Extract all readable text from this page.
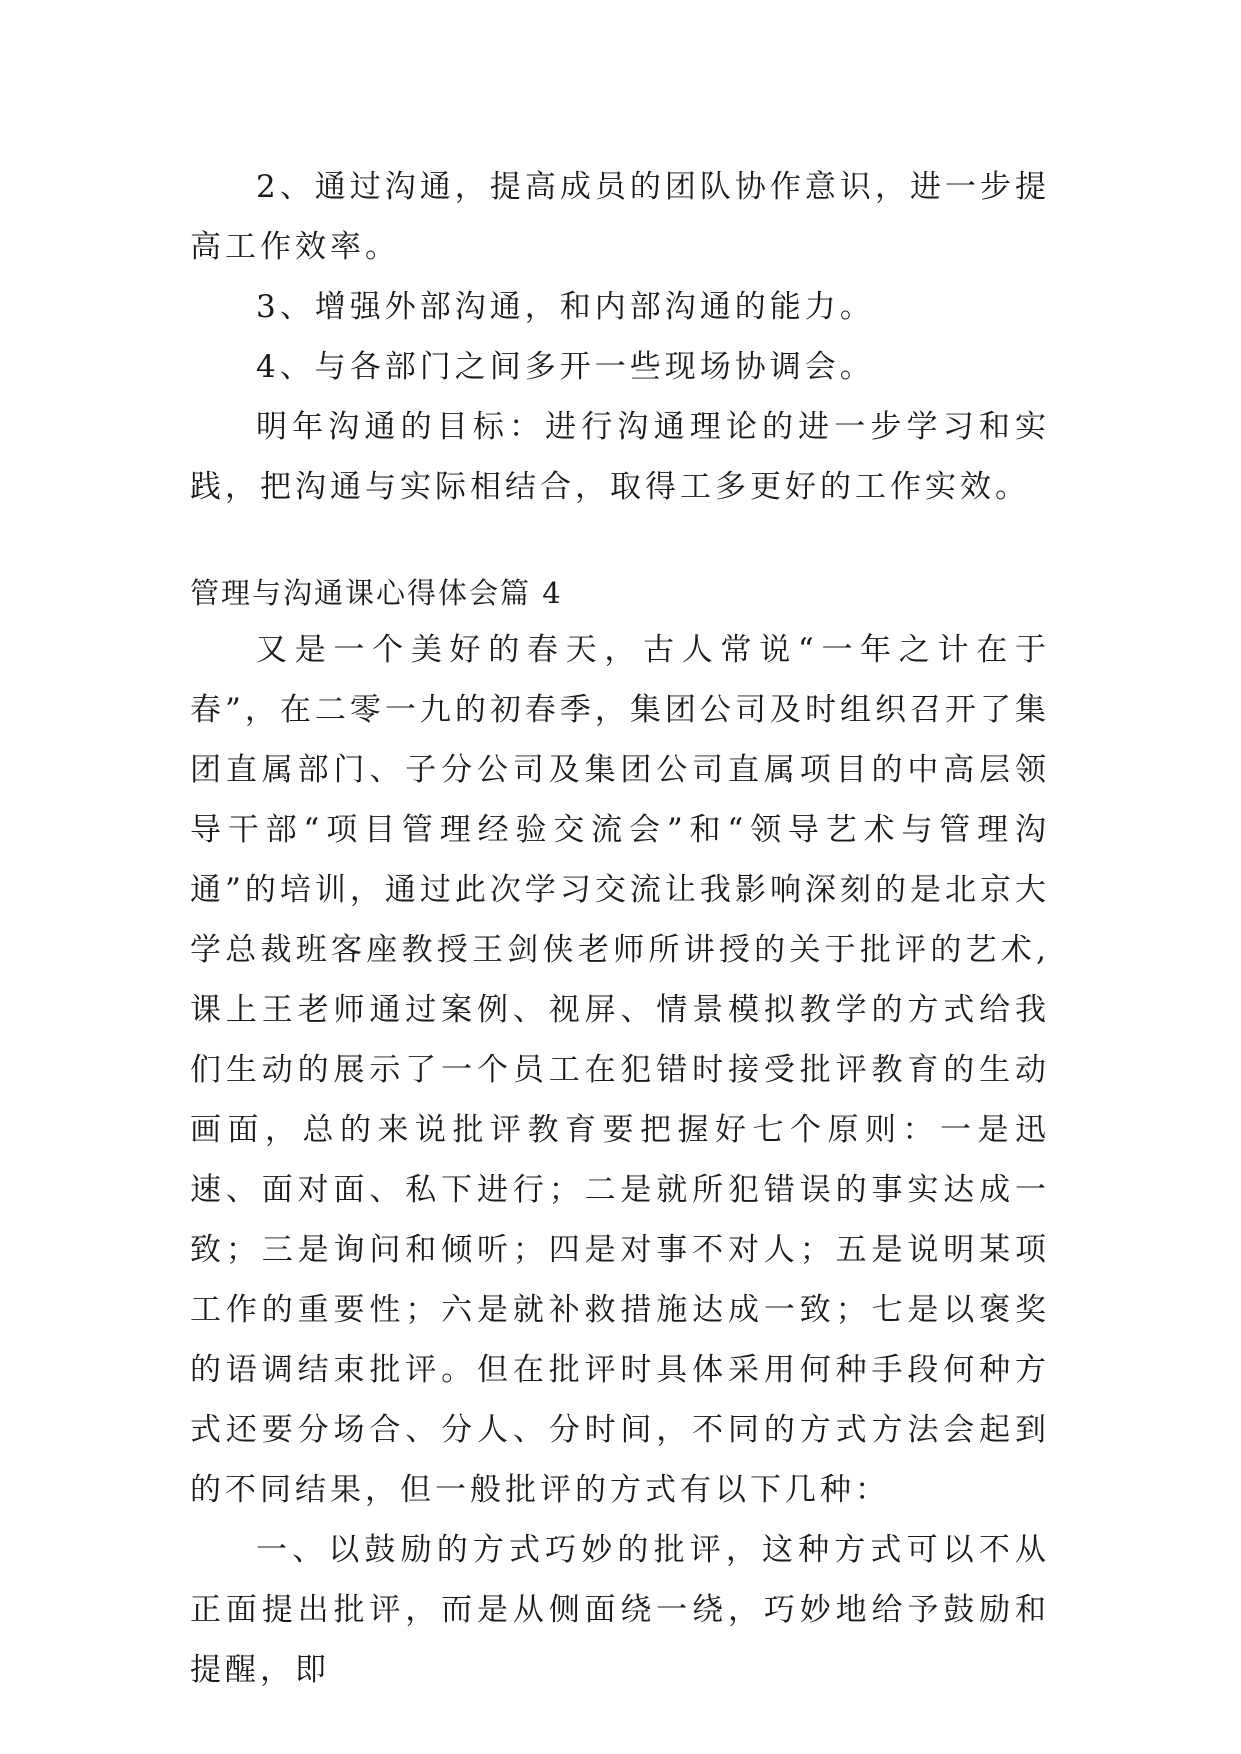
2、通过沟通，提高成员的团队协作意识，进一步提高工作效率。

3、增强外部沟通，和内部沟通的能力。

4、与各部门之间多开一些现场协调会。

明年沟通的目标：进行沟通理论的进一步学习和实践，把沟通与实际相结合，取得工多更好的工作实效。

管理与沟通课心得体会篇 4

又是一个美好的春天，古人常说“一年之计在于春”，在二零一九的初春季，集团公司及时组织召开了集团直属部门、子分公司及集团公司直属项目的中高层领导干部“项目管理经验交流会”和“领导艺术与管理沟通”的培训，通过此次学习交流让我影响深刻的是北京大学总裁班客座教授王剑侠老师所讲授的关于批评的艺术,课上王老师通过案例、视屏、情景模拟教学的方式给我们生动的展示了一个员工在犯错时接受批评教育的生动画面，总的来说批评教育要把握好七个原则：一是迅速、面对面、私下进行；二是就所犯错误的事实达成一致；三是询问和倾听；四是对事不对人；五是说明某项工作的重要性；六是就补救措施达成一致；七是以褒奖的语调结束批评。但在批评时具体采用何种手段何种方式还要分场合、分人、分时间，不同的方式方法会起到的不同结果，但一般批评的方式有以下几种：

一、以鼓励的方式巧妙的批评，这种方式可以不从正面提出批评，而是从侧面绕一绕，巧妙地给予鼓励和提醒，即
